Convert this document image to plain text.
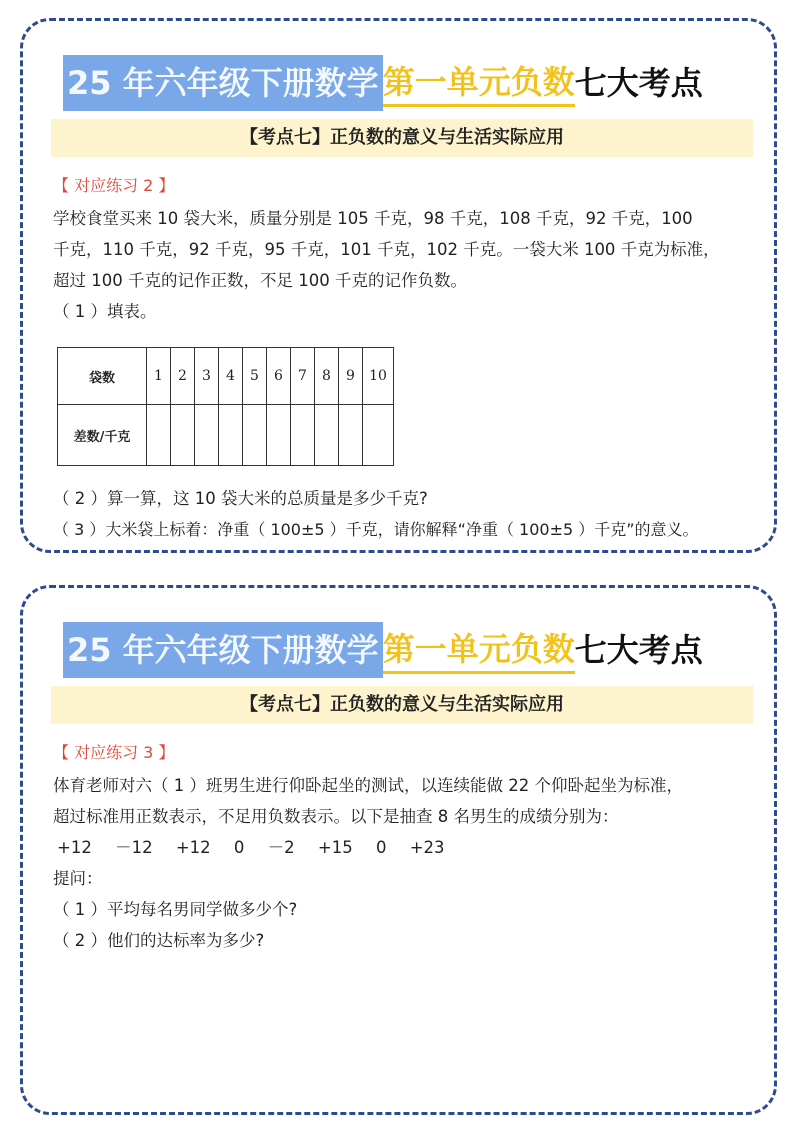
25 年六年级下册数学 第一单元负数 七大考点
【考点七】正负数的意义与生活实际应用
【 对应练习 2 】
学校食堂买来 10 袋大米，质量分别是 105 千克，98 千克，108 千克，92 千克，100
千克，110 千克，92 千克，95 千克，101 千克，102 千克。一袋大米 100 千克为标准，
超过 100 千克的记作正数，不足 100 千克的记作负数。
（ 1 ）填表。
袋数	1	2	3	4	5	6	7	8	9	10
差数/千克										
（ 2 ）算一算，这 10 袋大米的总质量是多少千克?
（ 3 ）大米袋上标着：净重（ 100±5 ）千克，请你解释“净重（ 100±5 ）千克”的意义。
25 年六年级下册数学 第一单元负数 七大考点
【考点七】正负数的意义与生活实际应用
【 对应练习 3 】
体育老师对六（ 1 ）班男生进行仰卧起坐的测试，以连续能做 22 个仰卧起坐为标准，
超过标准用正数表示，不足用负数表示。以下是抽查 8 名男生的成绩分别为：
+12 －12 +12 0 －2 +15 0 +23
提问：
（ 1 ）平均每名男同学做多少个?
（ 2 ）他们的达标率为多少?
